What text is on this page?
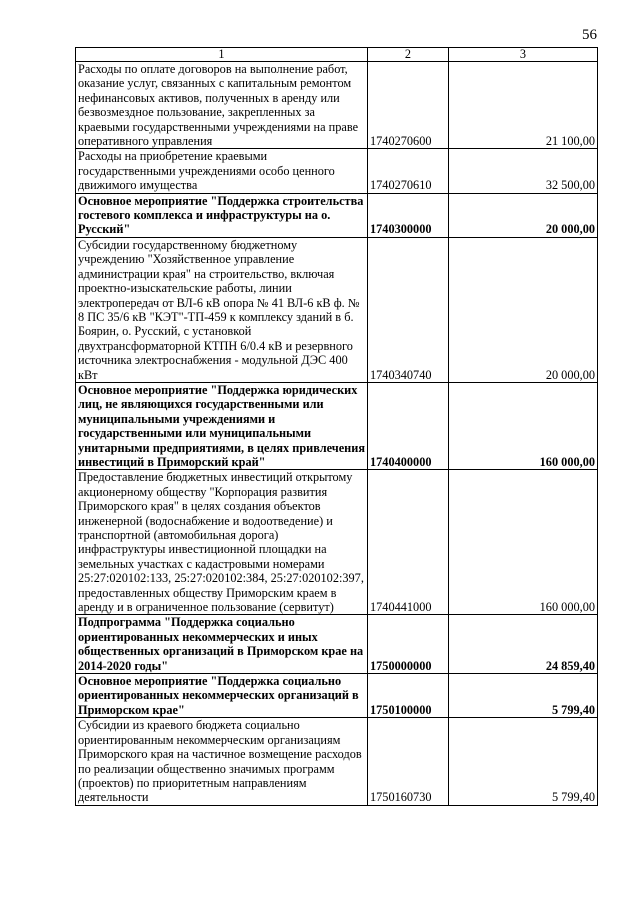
56
1	2	3
Расходы по оплате договоров на выполнение работ, оказание услуг, связанных с капитальным ремонтом нефинансовых активов, полученных в аренду или безвозмездное пользование, закрепленных за краевыми государственными учреждениями на праве оперативного управления	1740270600	21 100,00
Расходы на приобретение краевыми государственными учреждениями особо ценного движимого имущества	1740270610	32 500,00
Основное мероприятие "Поддержка строительства гостевого комплекса и инфраструктуры на о. Русский"	1740300000	20 000,00
Субсидии государственному бюджетному учреждению "Хозяйственное управление администрации края" на строительство, включая проектно-изыскательские работы, линии электропередач от ВЛ-6 кВ опора № 41 ВЛ-6 кВ ф. № 8 ПС 35/6 кВ "КЭТ"-ТП-459 к комплексу зданий в б. Боярин, о. Русский, с установкой двухтрансформаторной КТПН 6/0.4 кВ и резервного источника электроснабжения - модульной ДЭС 400 кВт	1740340740	20 000,00
Основное мероприятие "Поддержка юридических лиц, не являющихся государственными или муниципальными учреждениями и государственными или муниципальными унитарными предприятиями, в целях привлечения инвестиций в Приморский край"	1740400000	160 000,00
Предоставление бюджетных инвестиций открытому акционерному обществу "Корпорация развития Приморского края" в целях создания объектов инженерной (водоснабжение и водоотведение) и транспортной (автомобильная дорога) инфраструктуры инвестиционной площадки на земельных участках с кадастровыми номерами 25:27:020102:133, 25:27:020102:384, 25:27:020102:397, предоставленных обществу Приморским краем в аренду и в ограниченное пользование (сервитут)	1740441000	160 000,00
Подпрограмма "Поддержка социально ориентированных некоммерческих и иных общественных организаций в Приморском крае на 2014-2020 годы"	1750000000	24 859,40
Основное мероприятие "Поддержка социально ориентированных некоммерческих организаций в Приморском крае"	1750100000	5 799,40
Субсидии из краевого бюджета социально ориентированным некоммерческим организациям Приморского края на частичное возмещение расходов по реализации общественно значимых программ (проектов) по приоритетным направлениям деятельности	1750160730	5 799,40
